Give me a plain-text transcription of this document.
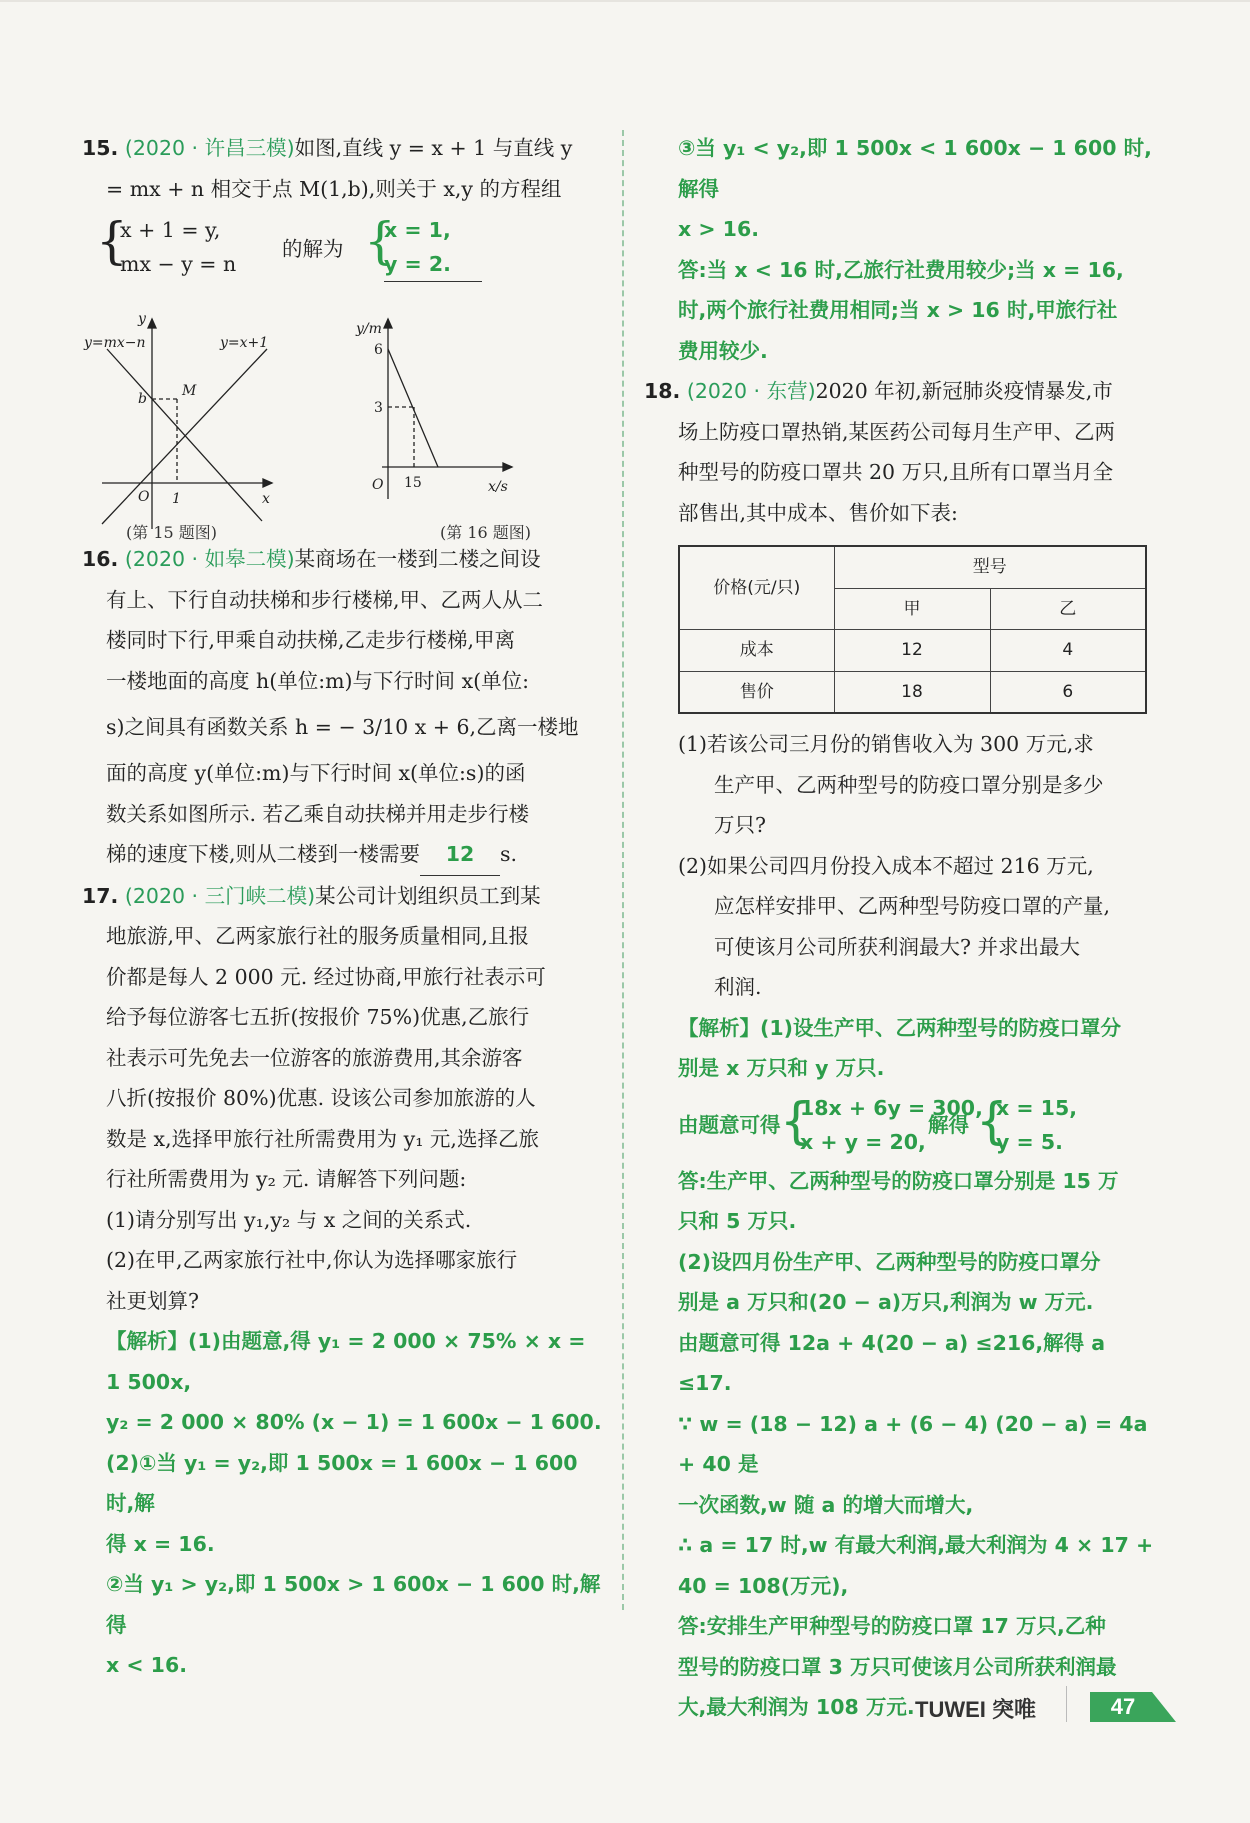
15. (2020 · 许昌三模)如图,直线 y = x + 1 与直线 y
= mx + n 相交于点 M(1,b),则关于 x,y 的方程组
{
x + 1 = y,
mx − y = n
的解为 {
x = 1,
y = 2.
y=mx−n	y=x+1
y
x
O
b	M
1
y/m
x/s
O
6
3
15
(第 15 题图)	(第 16 题图)
16. (2020 · 如皋二模)某商场在一楼到二楼之间设
有上、下行自动扶梯和步行楼梯,甲、乙两人从二
楼同时下行,甲乘自动扶梯,乙走步行楼梯,甲离
一楼地面的高度 h(单位:m)与下行时间 x(单位:
s)之间具有函数关系 h = − 3/10 x + 6,乙离一楼地
面的高度 y(单位:m)与下行时间 x(单位:s)的函
数关系如图所示. 若乙乘自动扶梯并用走步行楼
梯的速度下楼,则从二楼到一楼需要 12 s.
17. (2020 · 三门峡二模)某公司计划组织员工到某
地旅游,甲、乙两家旅行社的服务质量相同,且报
价都是每人 2 000 元. 经过协商,甲旅行社表示可
给予每位游客七五折(按报价 75%)优惠,乙旅行
社表示可先免去一位游客的旅游费用,其余游客
八折(按报价 80%)优惠. 设该公司参加旅游的人
数是 x,选择甲旅行社所需费用为 y₁ 元,选择乙旅
行社所需费用为 y₂ 元. 请解答下列问题:
(1)请分别写出 y₁,y₂ 与 x 之间的关系式.
(2)在甲,乙两家旅行社中,你认为选择哪家旅行
社更划算?
【解析】(1)由题意,得 y₁ = 2 000 × 75% × x =
1 500x,
y₂ = 2 000 × 80% (x − 1) = 1 600x − 1 600.
(2)①当 y₁ = y₂,即 1 500x = 1 600x − 1 600 时,解
得 x = 16.
②当 y₁ > y₂,即 1 500x > 1 600x − 1 600 时,解得
x < 16.
③当 y₁ < y₂,即 1 500x < 1 600x − 1 600 时,解得
x > 16.
答:当 x < 16 时,乙旅行社费用较少;当 x = 16,
时,两个旅行社费用相同;当 x > 16 时,甲旅行社
费用较少.
18. (2020 · 东营)2020 年初,新冠肺炎疫情暴发,市
场上防疫口罩热销,某医药公司每月生产甲、乙两
种型号的防疫口罩共 20 万只,且所有口罩当月全
部售出,其中成本、售价如下表:
价格(元/只)	型号	
	甲	乙
成本	12	4
售价	18	6
(1)若该公司三月份的销售收入为 300 万元,求
生产甲、乙两种型号的防疫口罩分别是多少
万只?
(2)如果公司四月份投入成本不超过 216 万元,
应怎样安排甲、乙两种型号防疫口罩的产量,
可使该月公司所获利润最大? 并求出最大
利润.
【解析】(1)设生产甲、乙两种型号的防疫口罩分
别是 x 万只和 y 万只.
由题意可得 {
18x + 6y = 300,
x + y = 20,
解得 {
x = 15,
y = 5.
答:生产甲、乙两种型号的防疫口罩分别是 15 万
只和 5 万只.
(2)设四月份生产甲、乙两种型号的防疫口罩分
别是 a 万只和(20 − a)万只,利润为 w 万元.
由题意可得 12a + 4(20 − a) ≤216,解得 a ≤17.
∵ w = (18 − 12) a + (6 − 4) (20 − a) = 4a + 40 是
一次函数,w 随 a 的增大而增大,
∴ a = 17 时,w 有最大利润,最大利润为 4 × 17 +
40 = 108(万元),
答:安排生产甲种型号的防疫口罩 17 万只,乙种
型号的防疫口罩 3 万只可使该月公司所获利润最
大,最大利润为 108 万元. TUWEI 突唯	47
